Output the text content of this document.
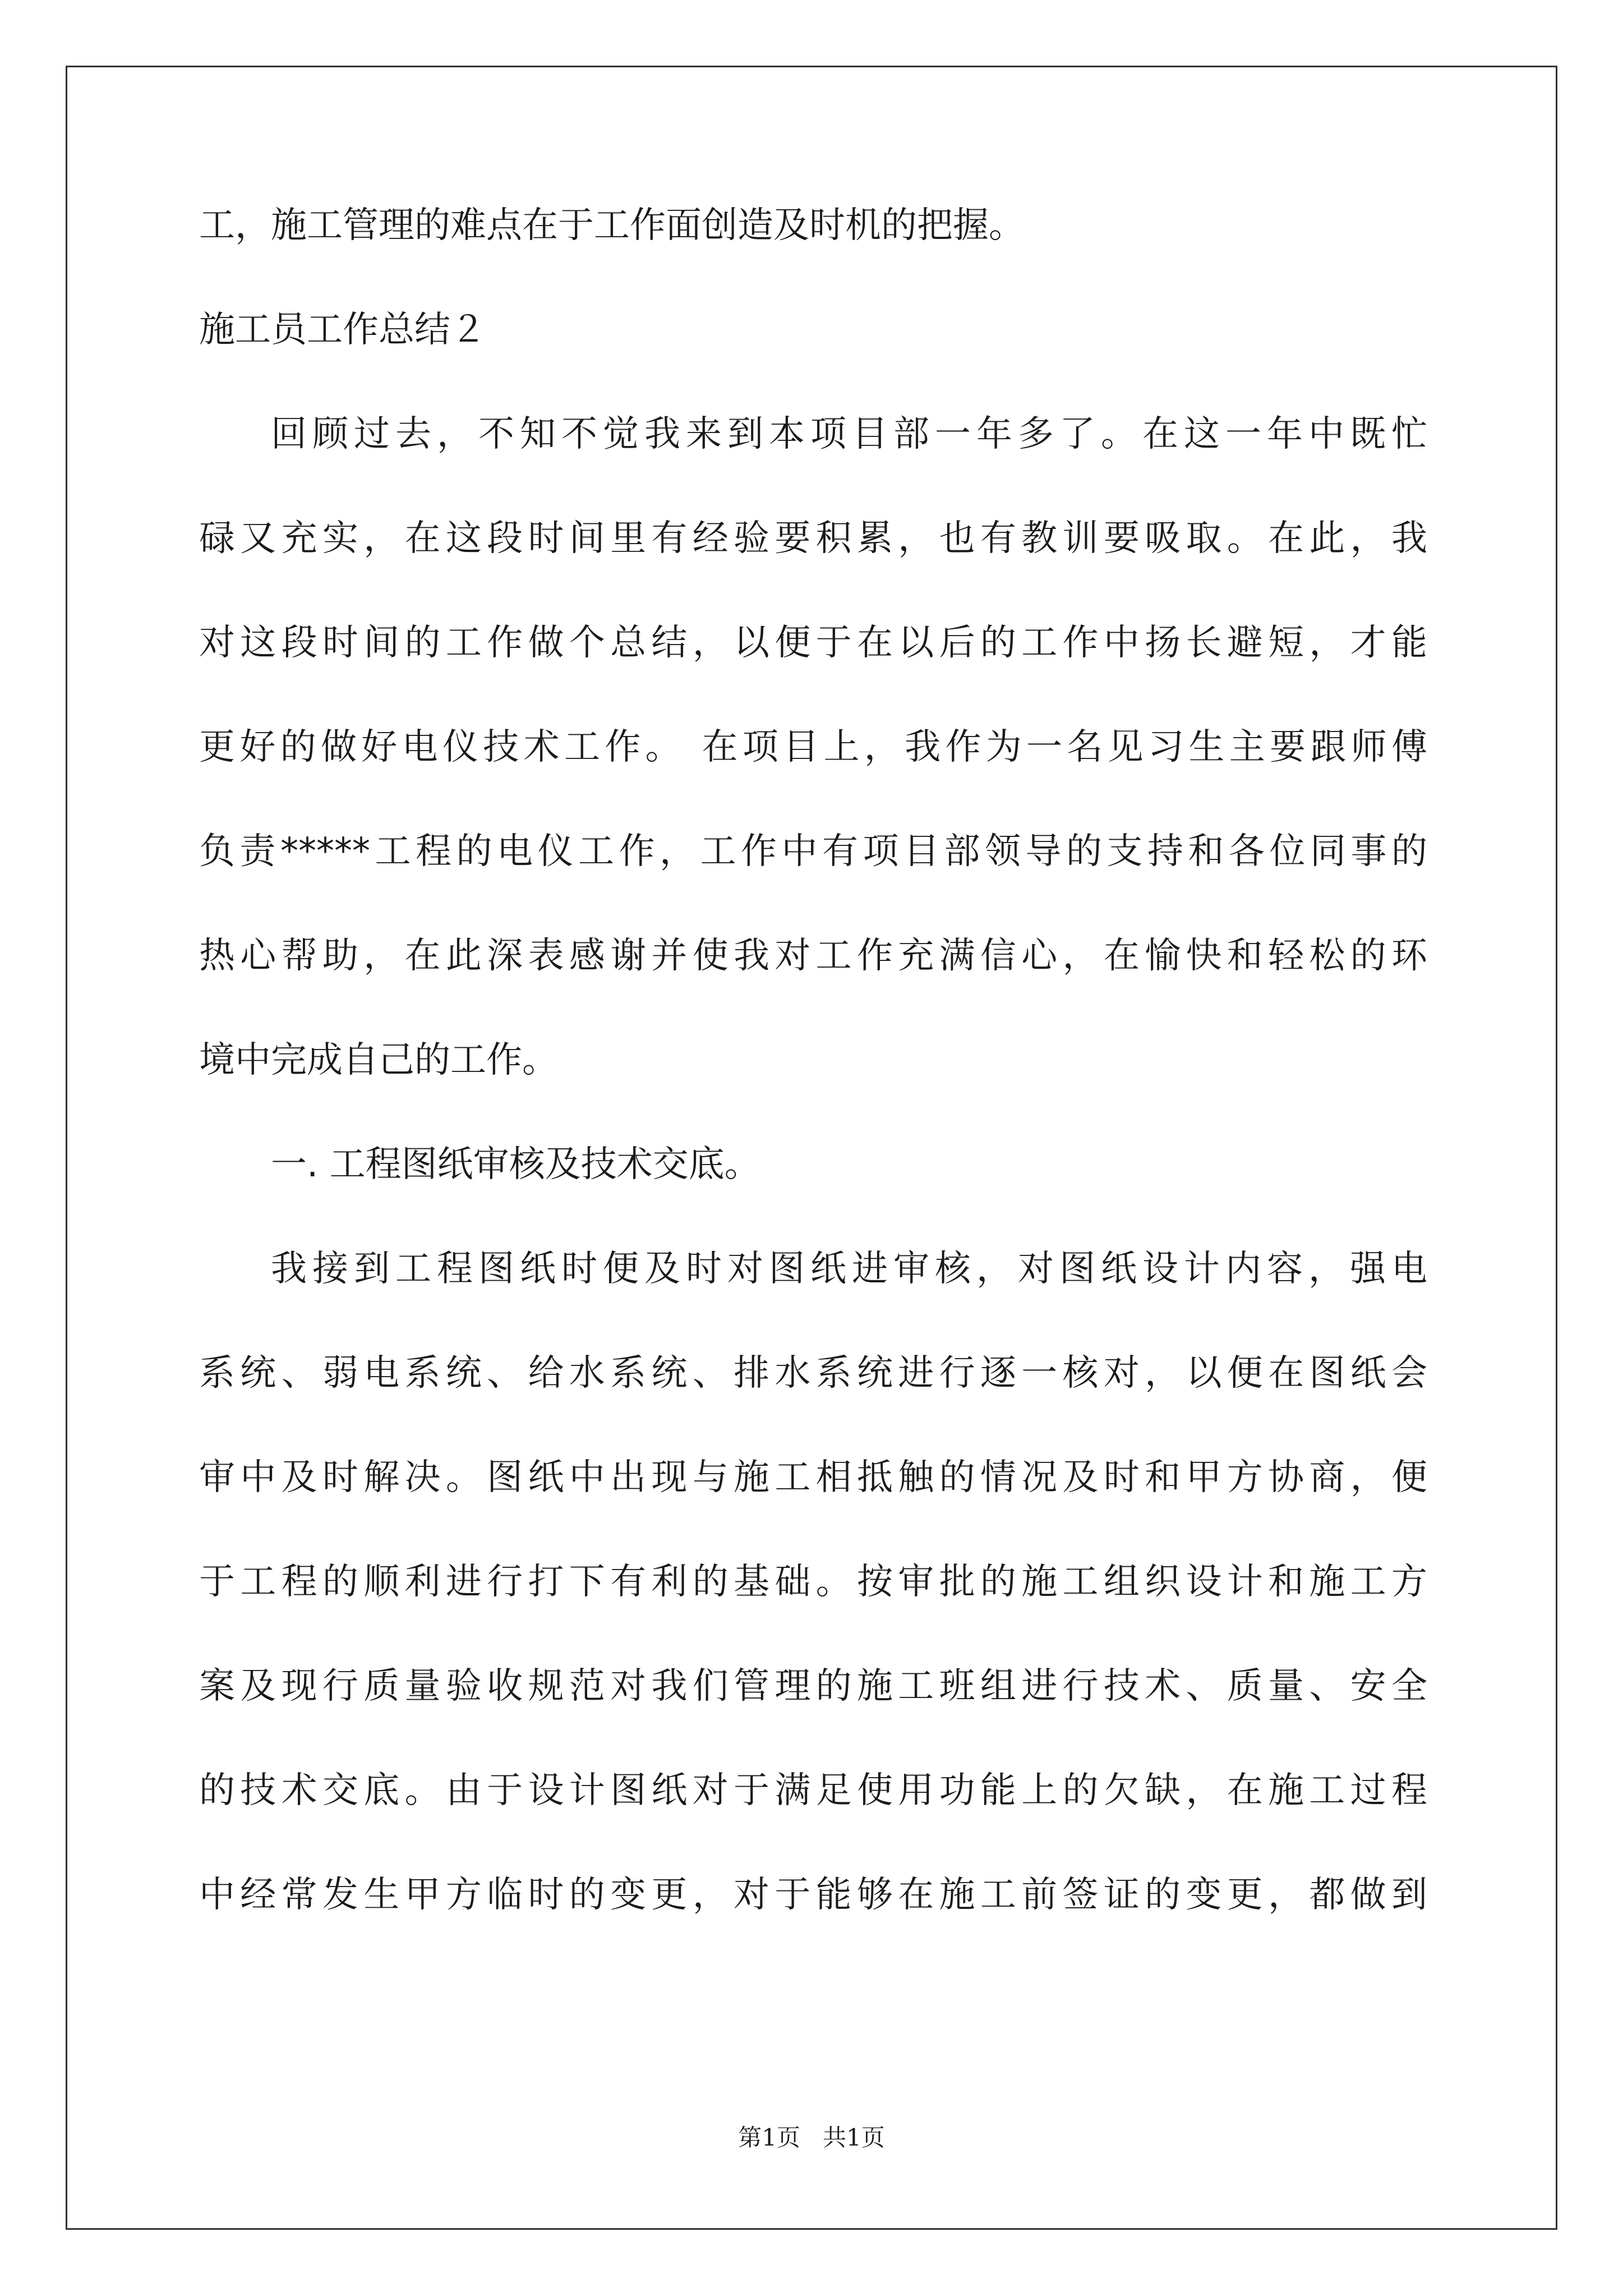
工，施工管理的难点在于工作面创造及时机的把握。
施工员工作总结２
回顾过去，不知不觉我来到本项目部一年多了。在这一年中既忙
碌又充实，在这段时间里有经验要积累，也有教训要吸取。在此，我
对这段时间的工作做个总结，以便于在以后的工作中扬长避短，才能
更好的做好电仪技术工作。 在项目上，我作为一名见习生主要跟师傅
负责*****工程的电仪工作，工作中有项目部领导的支持和各位同事的
热心帮助，在此深表感谢并使我对工作充满信心，在愉快和轻松的环
境中完成自己的工作。
一. 工程图纸审核及技术交底。
我接到工程图纸时便及时对图纸进审核，对图纸设计内容，强电
系统、弱电系统、给水系统、排水系统进行逐一核对，以便在图纸会
审中及时解决。图纸中出现与施工相抵触的情况及时和甲方协商，便
于工程的顺利进行打下有利的基础。按审批的施工组织设计和施工方
案及现行质量验收规范对我们管理的施工班组进行技术、质量、安全
的技术交底。由于设计图纸对于满足使用功能上的欠缺，在施工过程
中经常发生甲方临时的变更，对于能够在施工前签证的变更，都做到
第1页   共1页
